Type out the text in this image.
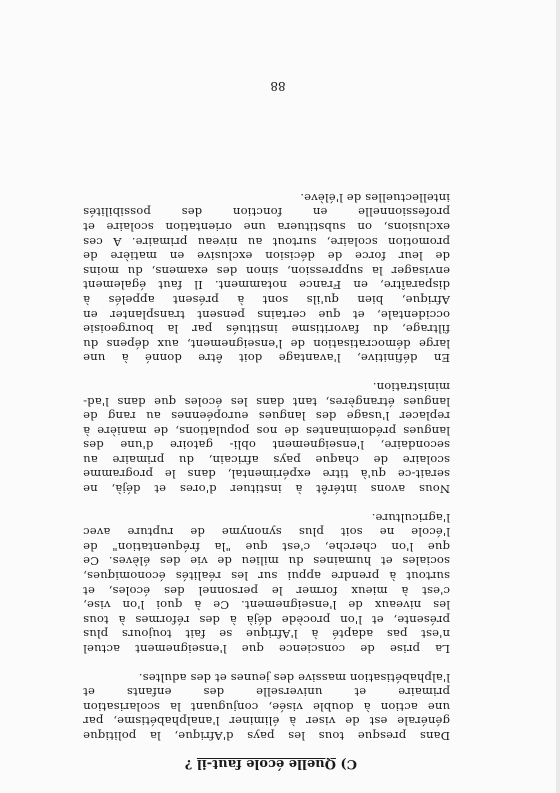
C) Quelle école faut-il ?
Dans presque tous les pays d'Afrique, la politique
générale est de viser à éliminer l'analphabétisme, par
une action à double visée, conjuguant la scolarisation
primaire et universelle des enfants et
l'alphabétisation massive des jeunes et des adultes.
La prise de conscience que l'enseignement actuel
n'est pas adapté à l'Afrique se fait toujours plus
présente, et l'on procède déjà à des réformes à tous
les niveaux de l'enseignement. Ce à quoi l'on vise,
c'est à mieux former le personnel des écoles, et
surtout à prendre appui sur les réalités économiques,
sociales et humaines du milieu de vie des élèves. Ce
que l'on cherche, c'est que "la fréquentation" de
l'école ne soit plus synonyme de rupture avec
l'agriculture.
Nous avons intérêt à instituer d'ores et déjà, ne
serait-ce qu'à titre expérimental, dans le programme
scolaire de chaque pays africain, du primaire au
secondaire, l'enseignement obli- gatoire d'une des
langues prédominantes de nos populations, de manière à
replacer l'usage des langues européennes au rang de
langues étrangères, tant dans les écoles que dans l'ad-
ministration.
En définitive, l'avantage doit être donné à une
large démocratisation de l'enseignement, aux dépens du
filtrage, du favoritisme institués par la bourgeoisie
occidentale, et que certains pensent transplanter en
Afrique, bien qu'ils sont à présent appelés à
disparaître, en France notamment. Il faut également
envisager la suppression, sinon des examens, du moins
de leur force de décision exclusive en matière de
promotion scolaire, surtout au niveau primaire. A ces
exclusions, on substituera une orientation scolaire et
professionnelle en fonction des possibilités
intellectuelles de l'élève.
88
